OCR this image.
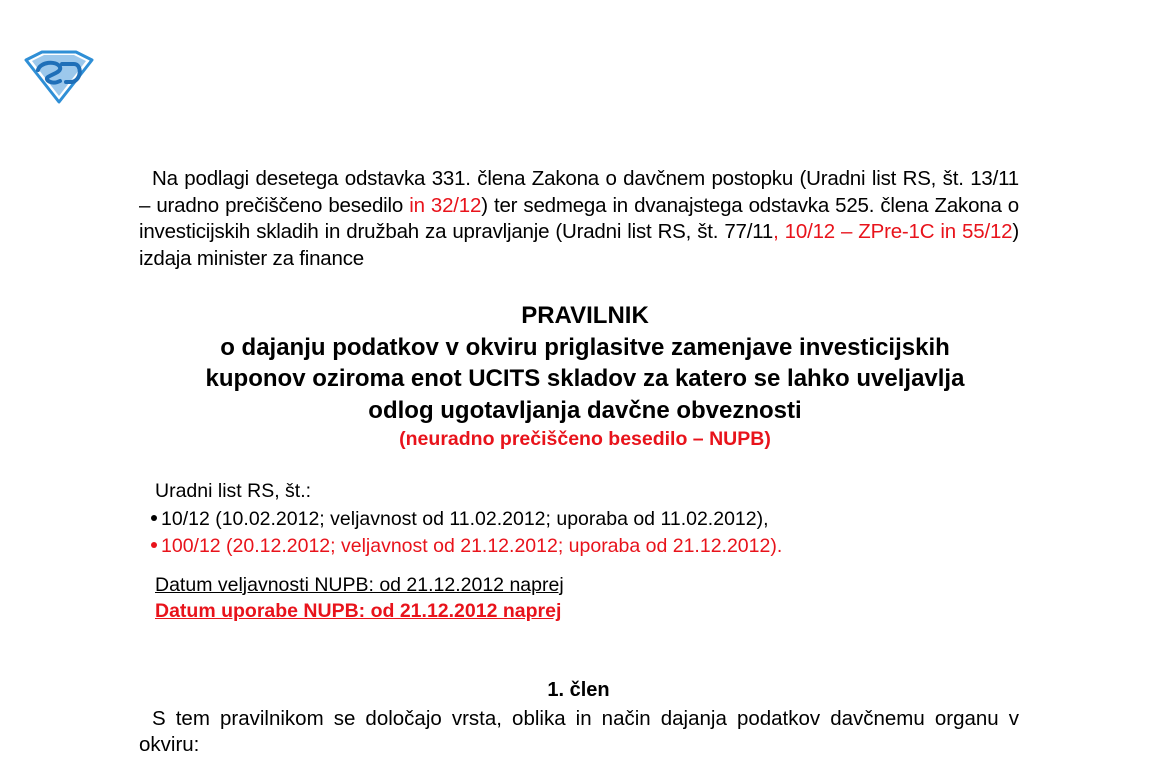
Na podlagi desetega odstavka 331. člena Zakona o davčnem postopku (Uradni list RS, št. 13/11 – uradno prečiščeno besedilo in 32/12) ter sedmega in dvanajstega odstavka 525. člena Zakona o investicijskih skladih in družbah za upravljanje (Uradni list RS, št. 77/11, 10/12 – ZPre-1C in 55/12) izdaja minister za finance
PRAVILNIK
o dajanju podatkov v okviru priglasitve zamenjave investicijskih
kuponov oziroma enot UCITS skladov za katero se lahko uveljavlja
odlog ugotavljanja davčne obveznosti
(neuradno prečiščeno besedilo – NUPB)
Uradni list RS, št.:
10/12 (10.02.2012; veljavnost od 11.02.2012; uporaba od 11.02.2012),
100/12 (20.12.2012; veljavnost od 21.12.2012; uporaba od 21.12.2012).
Datum veljavnosti NUPB: od 21.12.2012 naprej
Datum uporabe NUPB: od 21.12.2012 naprej
1. člen
S tem pravilnikom se določajo vrsta, oblika in način dajanja podatkov davčnemu organu v okviru:
